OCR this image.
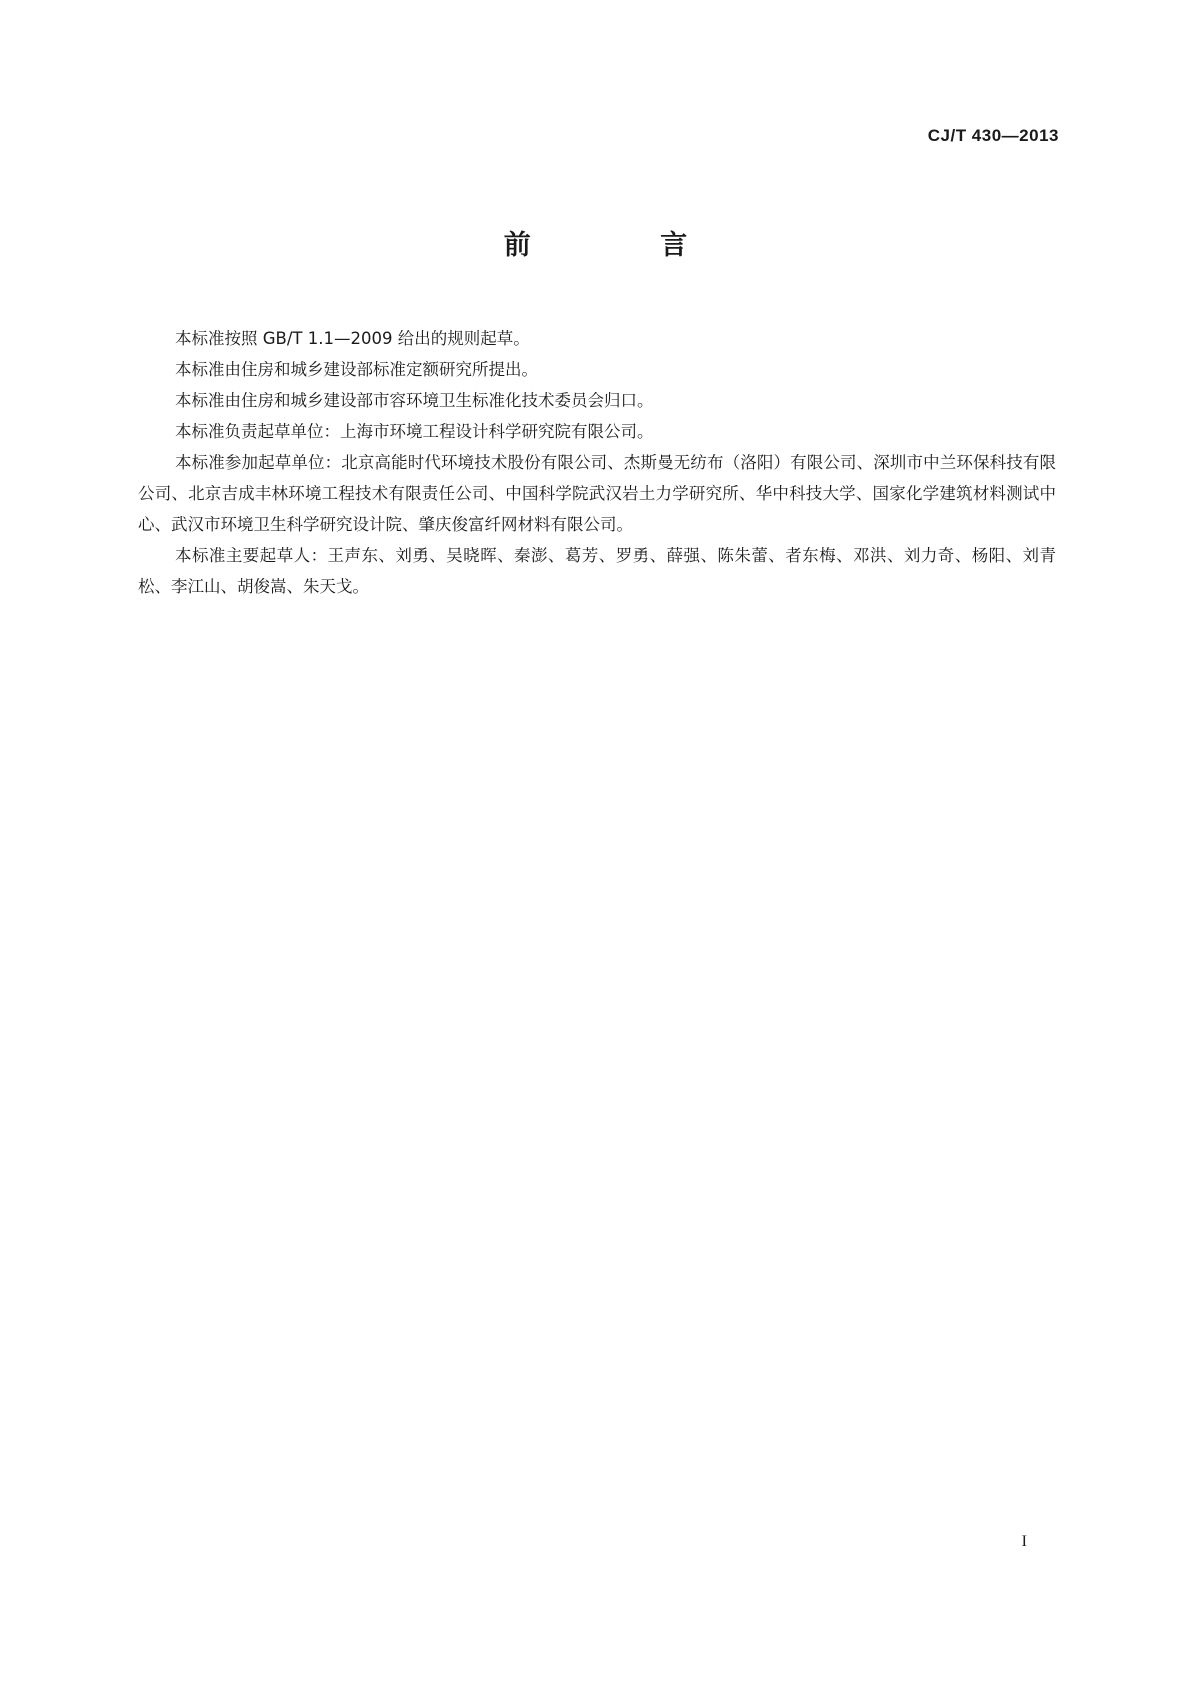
CJ/T 430—2013
前 言

本标准按照 GB/T 1.1—2009 给出的规则起草。

本标准由住房和城乡建设部标准定额研究所提出。

本标准由住房和城乡建设部市容环境卫生标准化技术委员会归口。

本标准负责起草单位：上海市环境工程设计科学研究院有限公司。

本标准参加起草单位：北京高能时代环境技术股份有限公司、杰斯曼无纺布（洛阳）有限公司、深圳市中兰环保科技有限公司、北京吉成丰林环境工程技术有限责任公司、中国科学院武汉岩土力学研究所、华中科技大学、国家化学建筑材料测试中心、武汉市环境卫生科学研究设计院、肇庆俊富纤网材料有限公司。

本标准主要起草人：王声东、刘勇、吴晓晖、秦澎、葛芳、罗勇、薛强、陈朱蕾、者东梅、邓洪、刘力奇、杨阳、刘青松、李江山、胡俊嵩、朱天戈。

I
